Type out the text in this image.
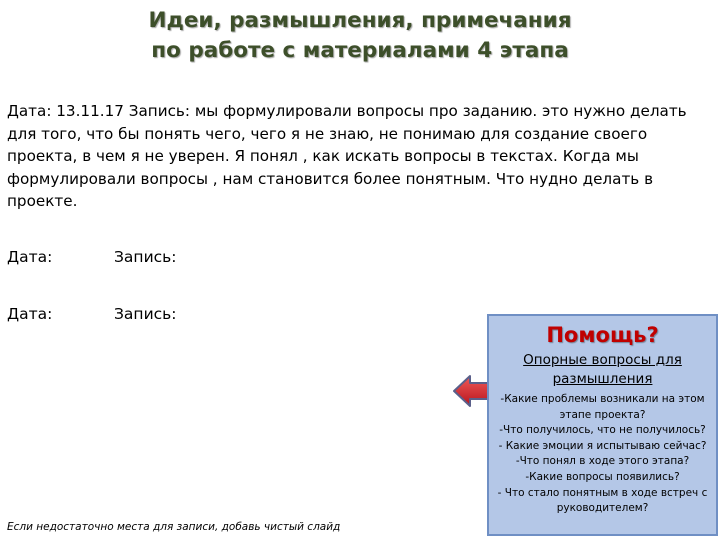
Идеи, размышления, примечания
по работе с материалами 4 этапа
Дата: 13.11.17 Запись: мы формулировали вопросы про заданию. это нужно делать для того, что бы понять чего, чего я не знаю, не понимаю для создание своего проекта, в чем я не уверен. Я понял , как искать вопросы в текстах. Когда мы формулировали вопросы , нам становится более понятным. Что нудно делать в проекте.
Дата:	Запись:
Дата:	Запись:
Если недостаточно места для записи, добавь чистый слайд
Помощь?
Опорные вопросы для
размышления
-Какие проблемы возникали на этом
этапе проекта?
-Что получилось, что не получилось?
- Какие эмоции я испытываю сейчас?
-Что понял в ходе этого этапа?
-Какие вопросы появились?
- Что стало понятным в ходе встреч с
руководителем?
